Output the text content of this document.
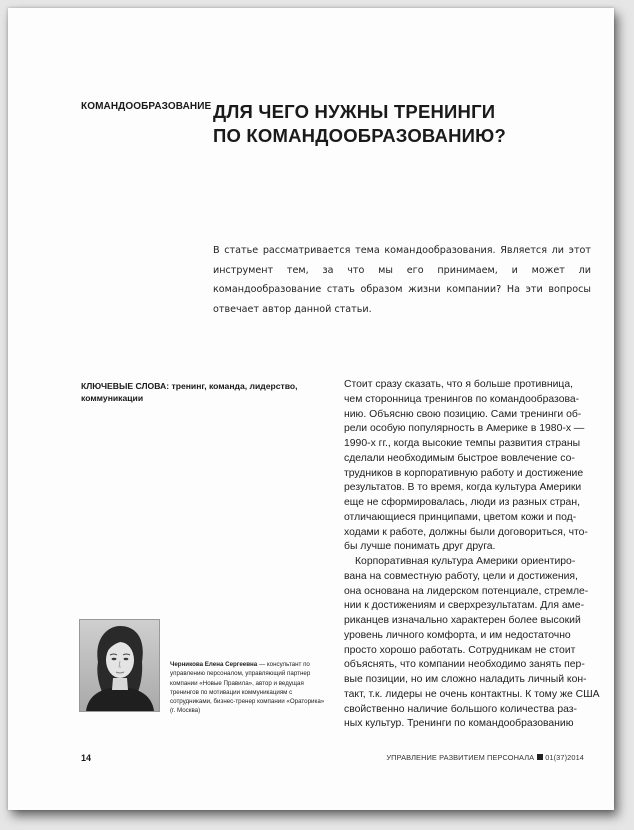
КОМАНДООБРАЗОВАНИЕ ДЛЯ ЧЕГО НУЖНЫ ТРЕНИНГИ
ПО КОМАНДООБРАЗОВАНИЮ?
В статье рассматривается тема командообразования. Является ли этот инструмент тем, за что мы его принимаем, и может ли командообразование стать образом жизни компании? На эти вопросы отвечает автор данной статьи.
КЛЮЧЕВЫЕ СЛОВА: тренинг, команда, лидерство, коммуникации
Стоит сразу сказать, что я больше противница,
чем сторонница тренингов по командообразова-
нию. Объясню свою позицию. Сами тренинги об-
рели особую популярность в Америке в 1980-х —
1990-х гг., когда высокие темпы развития страны
сделали необходимым быстрое вовлечение со-
трудников в корпоративную работу и достижение
результатов. В то время, когда культура Америки
еще не сформировалась, люди из разных стран,
отличающиеся принципами, цветом кожи и под-
ходами к работе, должны были договориться, что-
бы лучше понимать друг друга.
Корпоративная культура Америки ориентиро-
вана на совместную работу, цели и достижения,
она основана на лидерском потенциале, стремле-
нии к достижениям и сверхрезультатам. Для аме-
риканцев изначально характерен более высокий
уровень личного комфорта, и им недостаточно
просто хорошо работать. Сотрудникам не стоит
объяснять, что компании необходимо занять пер-
вые позиции, но им сложно наладить личный кон-
такт, т.к. лидеры не очень контактны. К тому же США
свойственно наличие большого количества раз-
ных культур. Тренинги по командообразованию
Черникова Елена Сергеевна — консультант по управлению персоналом, управляющий партнер компании «Новые Правила», автор и ведущая тренингов по мотивации коммуникациям с сотрудниками, бизнес-тренер компании «Ораторика» (г. Москва)
14	УПРАВЛЕНИЕ РАЗВИТИЕМ ПЕРСОНАЛА 01(37)2014
